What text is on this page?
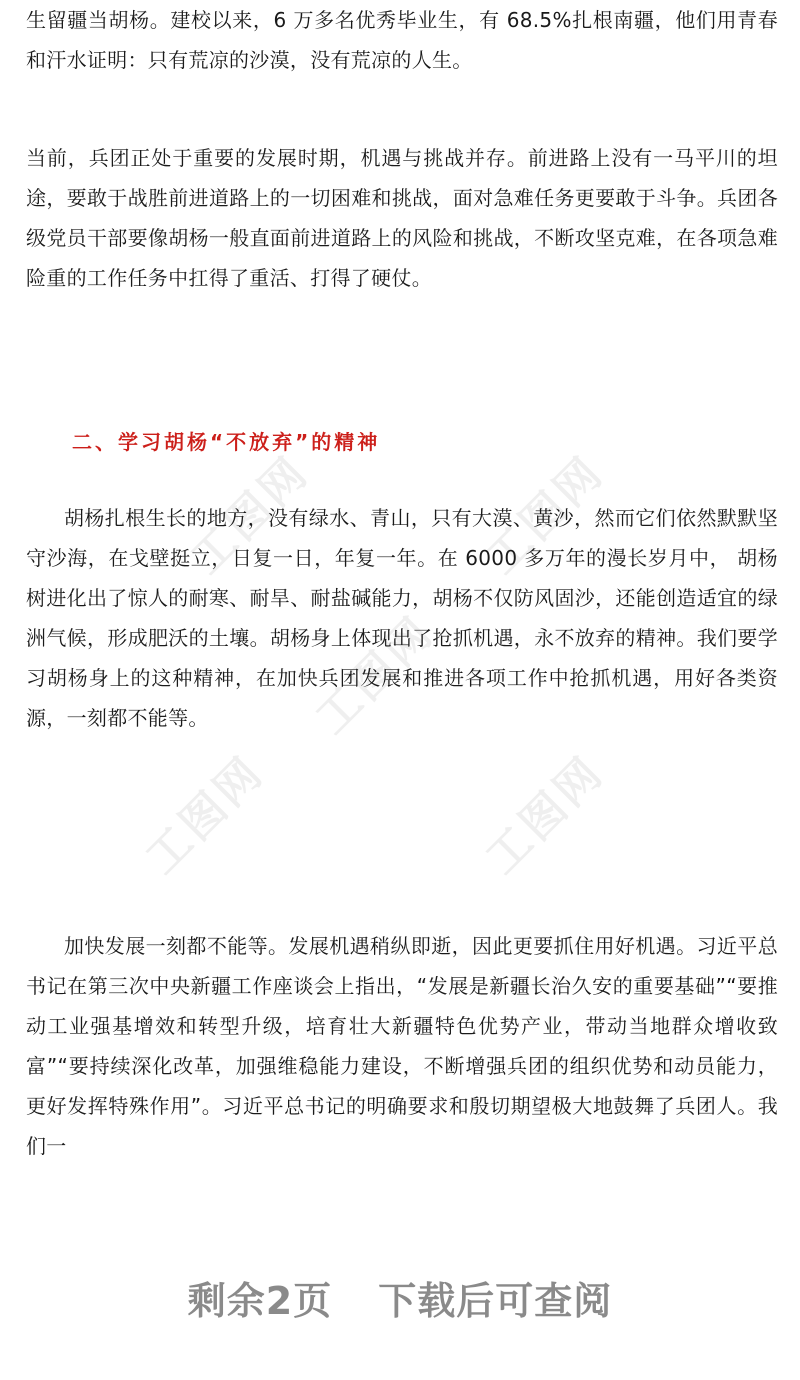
工图网	工图网
工图网
工图网	工图网

生留疆当胡杨。建校以来，6 万多名优秀毕业生，有 68.5%扎根南疆，他们用青春和汗水证明：只有荒凉的沙漠，没有荒凉的人生。

当前，兵团正处于重要的发展时期，机遇与挑战并存。前进路上没有一马平川的坦途，要敢于战胜前进道路上的一切困难和挑战，面对急难任务更要敢于斗争。兵团各级党员干部要像胡杨一般直面前进道路上的风险和挑战，不断攻坚克难，在各项急难险重的工作任务中扛得了重活、打得了硬仗。

二、学习胡杨“不放弃”的精神

胡杨扎根生长的地方，没有绿水、青山，只有大漠、黄沙，然而它们依然默默坚守沙海，在戈壁挺立，日复一日，年复一年。在 6000 多万年的漫长岁月中， 胡杨树进化出了惊人的耐寒、耐旱、耐盐碱能力，胡杨不仅防风固沙，还能创造适宜的绿洲气候，形成肥沃的土壤。胡杨身上体现出了抢抓机遇，永不放弃的精神。我们要学习胡杨身上的这种精神，在加快兵团发展和推进各项工作中抢抓机遇，用好各类资源，一刻都不能等。

加快发展一刻都不能等。发展机遇稍纵即逝，因此更要抓住用好机遇。习近平总书记在第三次中央新疆工作座谈会上指出，“发展是新疆长治久安的重要基础”“要推动工业强基增效和转型升级，培育壮大新疆特色优势产业，带动当地群众增收致富”“要持续深化改革，加强维稳能力建设，不断增强兵团的组织优势和动员能力，更好发挥特殊作用”。习近平总书记的明确要求和殷切期望极大地鼓舞了兵团人。我们一

剩余2页 下载后可查阅
